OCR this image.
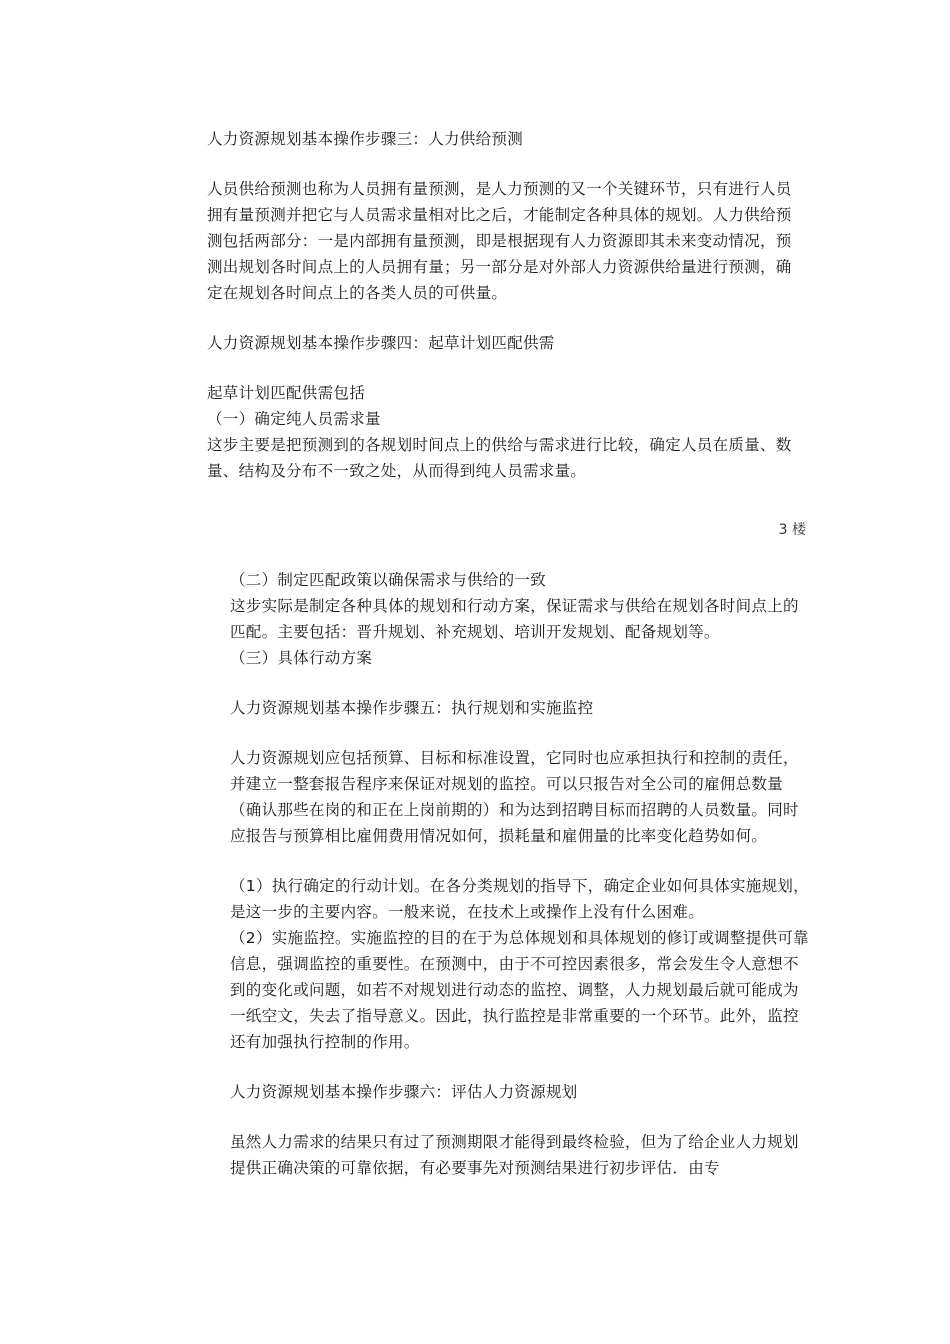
人力资源规划基本操作步骤三：人力供给预测

人员供给预测也称为人员拥有量预测，是人力预测的又一个关键环节，只有进行人员拥有量预测并把它与人员需求量相对比之后，才能制定各种具体的规划。人力供给预测包括两部分：一是内部拥有量预测，即是根据现有人力资源即其未来变动情况，预测出规划各时间点上的人员拥有量；另一部分是对外部人力资源供给量进行预测，确定在规划各时间点上的各类人员的可供量。

人力资源规划基本操作步骤四：起草计划匹配供需

起草计划匹配供需包括

（一）确定纯人员需求量

这步主要是把预测到的各规划时间点上的供给与需求进行比较，确定人员在质量、数量、结构及分布不一致之处，从而得到纯人员需求量。

3 楼

（二）制定匹配政策以确保需求与供给的一致

这步实际是制定各种具体的规划和行动方案，保证需求与供给在规划各时间点上的匹配。主要包括：晋升规划、补充规划、培训开发规划、配备规划等。

（三）具体行动方案

人力资源规划基本操作步骤五：执行规划和实施监控

人力资源规划应包括预算、目标和标准设置，它同时也应承担执行和控制的责任，并建立一整套报告程序来保证对规划的监控。可以只报告对全公司的雇佣总数量（确认那些在岗的和正在上岗前期的）和为达到招聘目标而招聘的人员数量。同时应报告与预算相比雇佣费用情况如何，损耗量和雇佣量的比率变化趋势如何。

（1）执行确定的行动计划。在各分类规划的指导下，确定企业如何具体实施规划，是这一步的主要内容。一般来说，在技术上或操作上没有什么困难。

（2）实施监控。实施监控的目的在于为总体规划和具体规划的修订或调整提供可靠信息，强调监控的重要性。在预测中，由于不可控因素很多，常会发生令人意想不到的变化或问题，如若不对规划进行动态的监控、调整，人力规划最后就可能成为一纸空文，失去了指导意义。因此，执行监控是非常重要的一个环节。此外，监控还有加强执行控制的作用。

人力资源规划基本操作步骤六：评估人力资源规划

虽然人力需求的结果只有过了预测期限才能得到最终检验，但为了给企业人力规划提供正确决策的可靠依据，有必要事先对预测结果进行初步评估．由专
